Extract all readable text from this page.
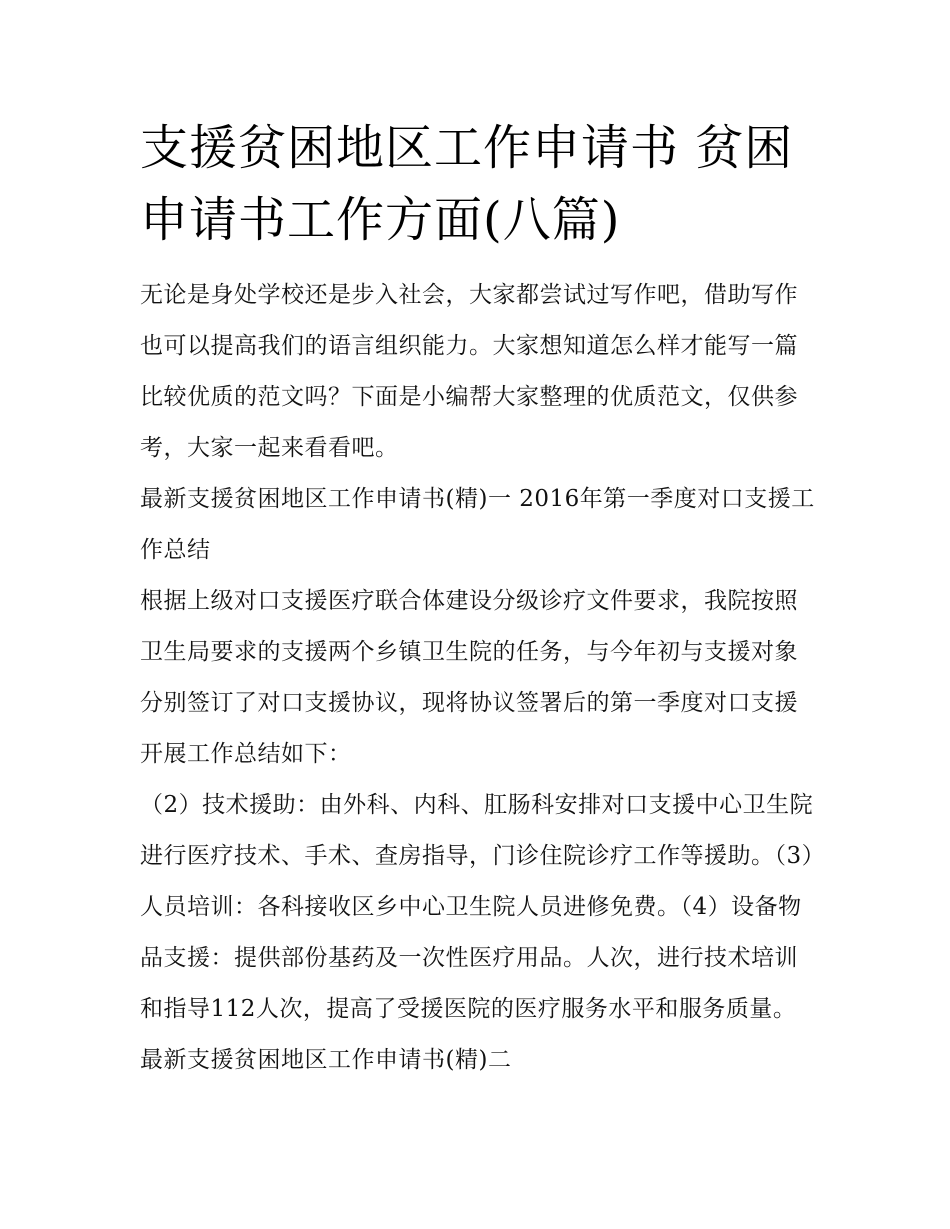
支援贫困地区工作申请书 贫困申请书工作方面(八篇)

无论是身处学校还是步入社会，大家都尝试过写作吧，借助写作也可以提高我们的语言组织能力。大家想知道怎么样才能写一篇比较优质的范文吗？下面是小编帮大家整理的优质范文，仅供参考，大家一起来看看吧。

最新支援贫困地区工作申请书(精)一 2016年第一季度对口支援工作总结

根据上级对口支援医疗联合体建设分级诊疗文件要求，我院按照卫生局要求的支援两个乡镇卫生院的任务，与今年初与支援对象分别签订了对口支援协议，现将协议签署后的第一季度对口支援开展工作总结如下：

（2）技术援助：由外科、内科、肛肠科安排对口支援中心卫生院进行医疗技术、手术、查房指导，门诊住院诊疗工作等援助。（3）人员培训：各科接收区乡中心卫生院人员进修免费。（4）设备物品支援：提供部份基药及一次性医疗用品。人次，进行技术培训和指导112人次，提高了受援医院的医疗服务水平和服务质量。 最新支援贫困地区工作申请书(精)二
